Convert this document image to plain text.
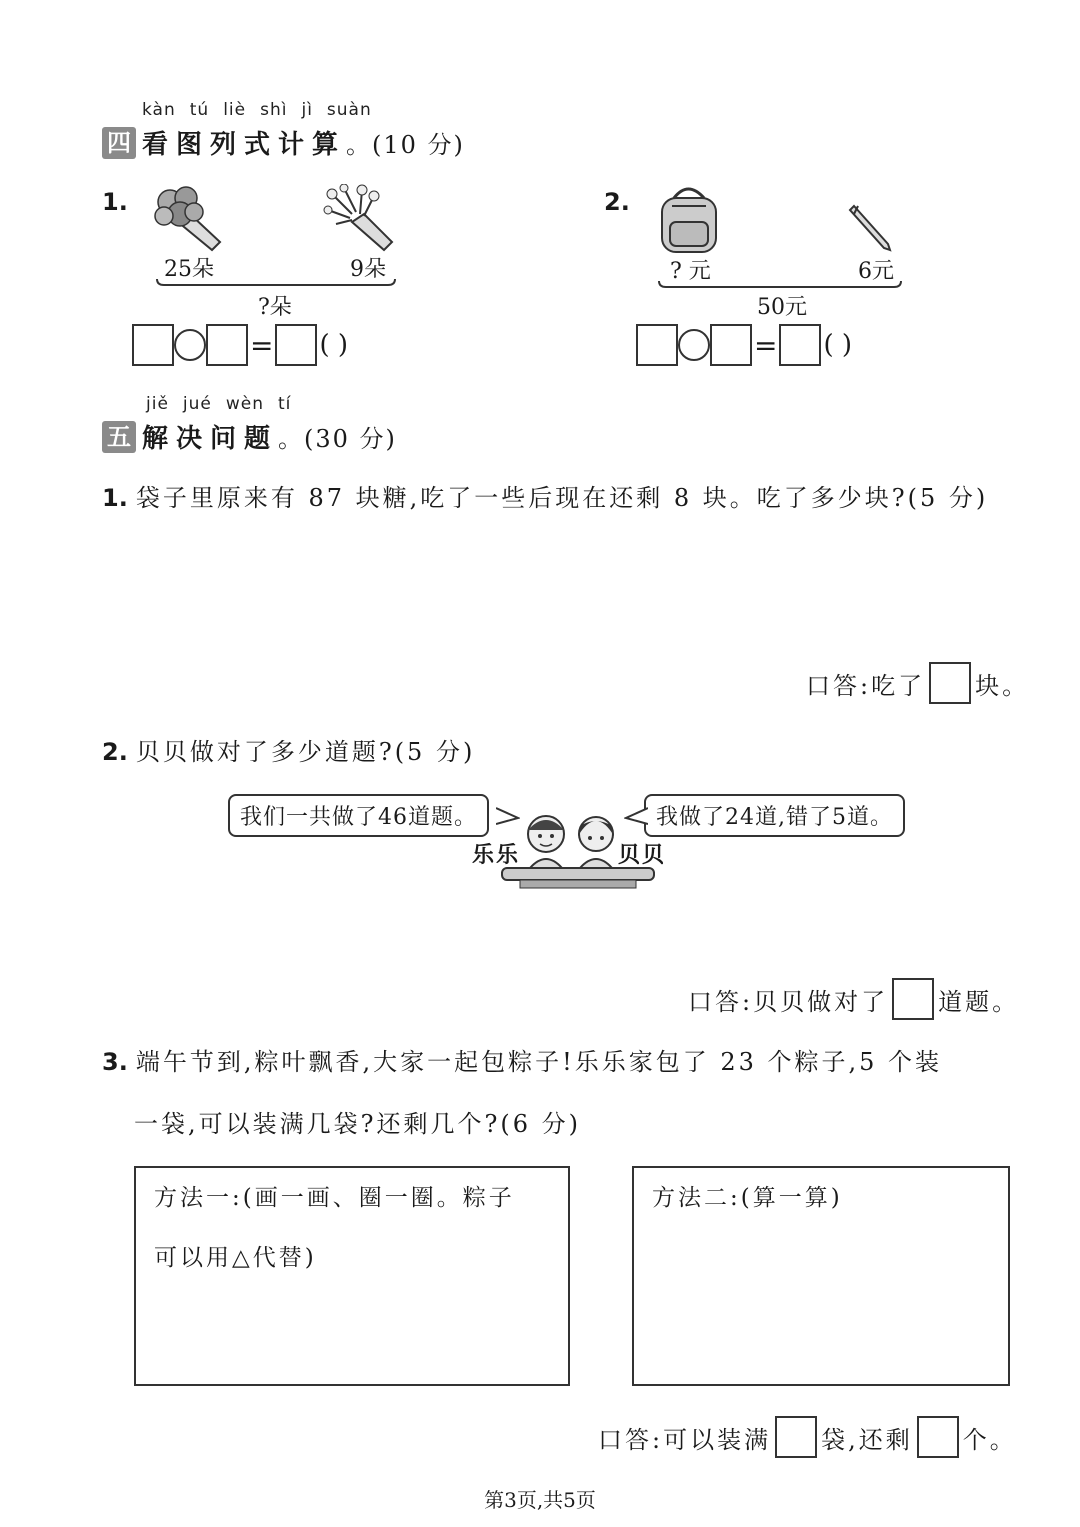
kàn tú liè shì jì suàn
四 看图列式计算 。(10 分)
1.
25朵	9朵
?朵
= ( )
2.
? 元	6元
50元
= ( )
jiě jué wèn tí
五 解决问题 。(30 分)
1. 袋子里原来有 87 块糖,吃了一些后现在还剩 8 块。吃了多少块?(5 分)
口答:吃了 块。
2. 贝贝做对了多少道题?(5 分)
我们一共做了46道题。	我做了24道,错了5道。
乐乐	贝贝
口答:贝贝做对了 道题。
3. 端午节到,粽叶飘香,大家一起包粽子!乐乐家包了 23 个粽子,5 个装
一袋,可以装满几袋?还剩几个?(6 分)
方法一:(画一画、圈一圈。粽子
可以用△代替)
方法二:(算一算)
口答:可以装满 袋,还剩 个。
第3页,共5页
